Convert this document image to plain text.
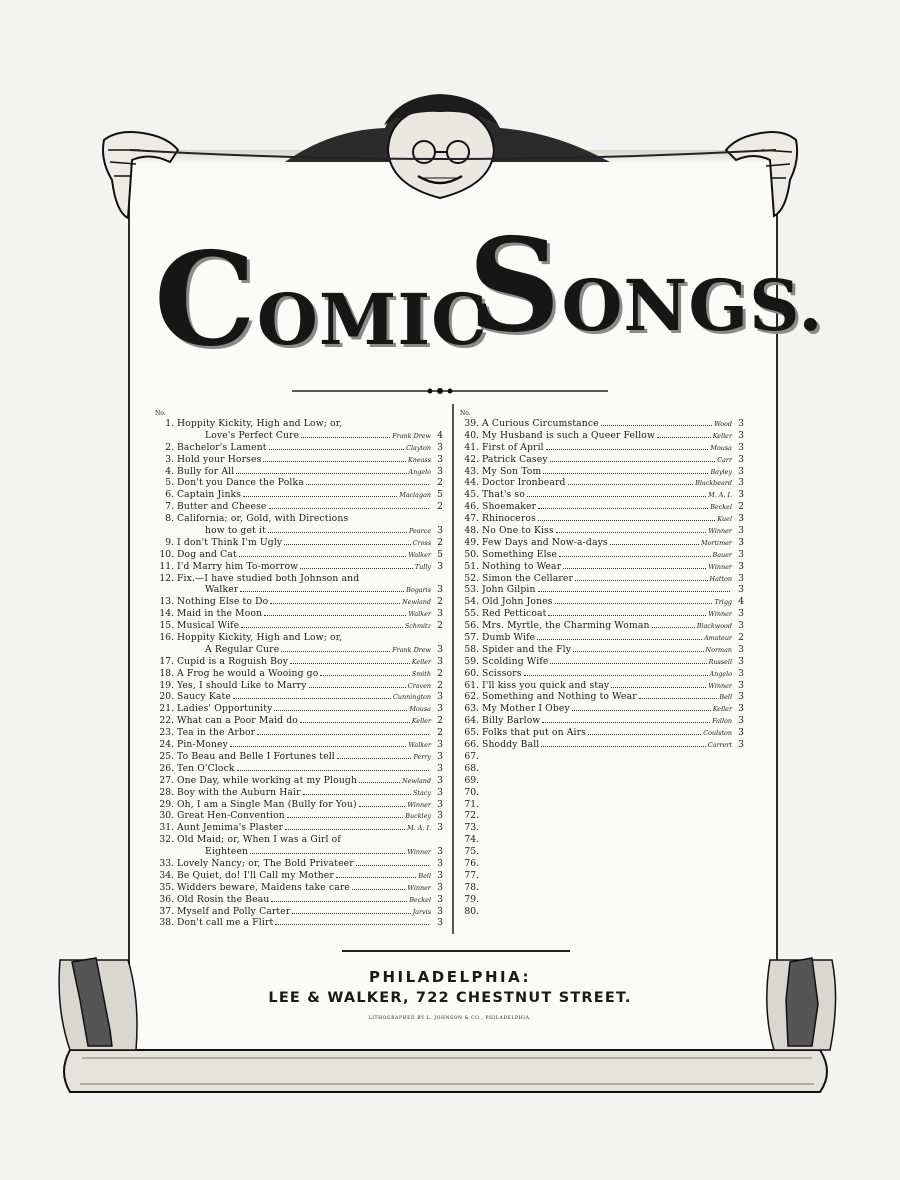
COMIC
SONGS.
No.
1. Hoppity Kickity, High and Low; or,
Love's Perfect Cure	Frank Drew 4
2. Bachelor's Lament	Clayton 3
3. Hold your Horses	Kneass 3
4. Bully for All	Angelo 3
5. Don't you Dance the Polka	2
6. Captain Jinks	Maclagan 5
7. Butter and Cheese	2
8. California; or, Gold, with Directions
how to get it	Pearce 3
9. I don't Think I'm Ugly	Cross 2
10. Dog and Cat	Walker 5
11. I'd Marry him To-morrow	Tully 3
12. Fix.—I have studied both Johnson and
Walker	Bogaris 3
13. Nothing Else to Do	Newland 2
14. Maid in the Moon	Walker 3
15. Musical Wife	Schmitz 2
16. Hoppity Kickity, High and Low; or,
A Regular Cure	Frank Drew 3
17. Cupid is a Roguish Boy	Keller 3
18. A Frog he would a Wooing go	Smith 2
19. Yes, I should Like to Marry	Craven 2
20. Saucy Kate	Cunnington 3
21. Ladies' Opportunity	Mousa 3
22. What can a Poor Maid do	Keller 2
23. Tea in the Arbor	2
24. Pin-Money	Walker 3
25. To Beau and Belle I Fortunes tell	Perry 3
26. Ten O'Clock	3
27. One Day, while working at my Plough	Newland 3
28. Boy with the Auburn Hair	Stacy 3
29. Oh, I am a Single Man (Bully for You)	Winner 3
30. Great Hen-Convention	Buckley 3
31. Aunt Jemima's Plaster	M. A. I. 3
32. Old Maid; or, When I was a Girl of
Eighteen	Winner 3
33. Lovely Nancy; or, The Bold Privateer	3
34. Be Quiet, do! I'll Call my Mother	Bell 3
35. Widders beware, Maidens take care	Winner 3
36. Old Rosin the Beau	Beckel 3
37. Myself and Polly Carter	Jarvis 3
38. Don't call me a Flirt	3
No.
39. A Curious Circumstance	Wood 3
40. My Husband is such a Queer Fellow	Keller 3
41. First of April	Mousa 3
42. Patrick Casey	Carr 3
43. My Son Tom	Bayley 3
44. Doctor Ironbeard	Blackbeard 3
45. That's so	M. A. I. 3
46. Shoemaker	Beckel 2
47. Rhinoceros	Kuel 3
48. No One to Kiss	Winner 3
49. Few Days and Now-a-days	Mortimer 3
50. Something Else	Bauer 3
51. Nothing to Wear	Winner 3
52. Simon the Cellarer	Hatton 3
53. John Gilpin	3
54. Old John Jones	Trigg 4
55. Red Petticoat	Winner 3
56. Mrs. Myrtle, the Charming Woman	Blackwood 3
57. Dumb Wife	Amateur 2
58. Spider and the Fly	Norman 3
59. Scolding Wife	Russell 3
60. Scissors	Angelo 3
61. I'll kiss you quick and stay	Winner 3
62. Something and Nothing to Wear	Bell 3
63. My Mother I Obey	Keller 3
64. Billy Barlow	Fallon 3
65. Folks that put on Airs	Coulston 3
66. Shoddy Ball	Carrert 3
67.
68.
69.
70.
71.
72.
73.
74.
75.
76.
77.
78.
79.
80.
PHILADELPHIA:
LEE & WALKER, 722 CHESTNUT STREET.
LITHOGRAPHED BY L. JOHNSON & CO., PHILADELPHIA.
